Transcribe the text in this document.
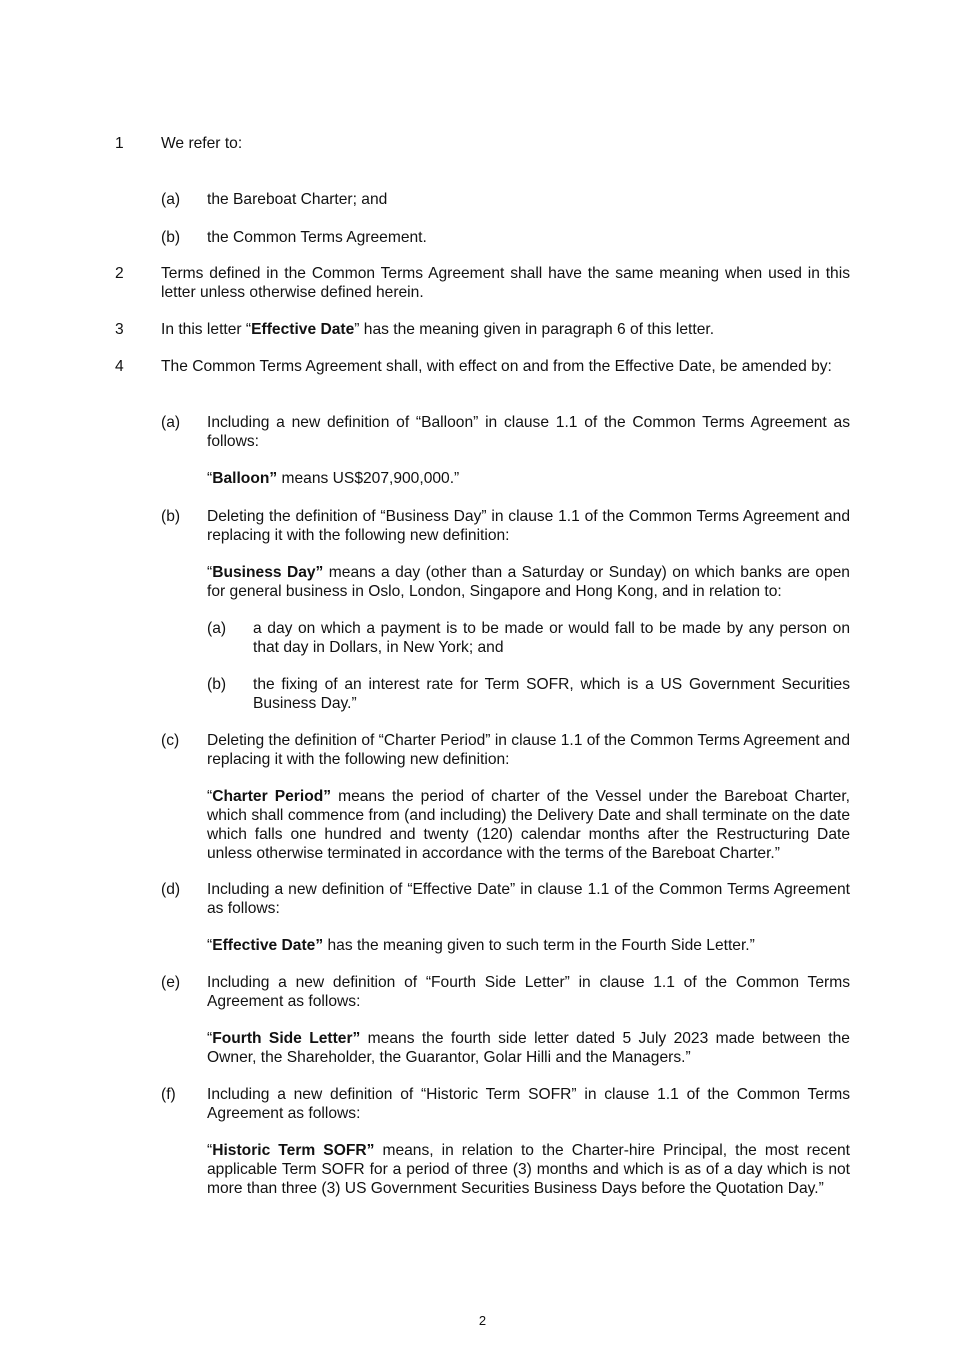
1 We refer to:
(a) the Bareboat Charter; and
(b) the Common Terms Agreement.
2 Terms defined in the Common Terms Agreement shall have the same meaning when used in this letter unless otherwise defined herein.
3 In this letter “Effective Date” has the meaning given in paragraph 6 of this letter.
4 The Common Terms Agreement shall, with effect on and from the Effective Date, be amended by:
(a) Including a new definition of “Balloon” in clause 1.1 of the Common Terms Agreement as follows:
“Balloon” means US$207,900,000.”
(b) Deleting the definition of “Business Day” in clause 1.1 of the Common Terms Agreement and replacing it with the following new definition:
“Business Day” means a day (other than a Saturday or Sunday) on which banks are open for general business in Oslo, London, Singapore and Hong Kong, and in relation to:
(a) a day on which a payment is to be made or would fall to be made by any person on that day in Dollars, in New York; and
(b) the fixing of an interest rate for Term SOFR, which is a US Government Securities Business Day.”
(c) Deleting the definition of “Charter Period” in clause 1.1 of the Common Terms Agreement and replacing it with the following new definition:
“Charter Period” means the period of charter of the Vessel under the Bareboat Charter, which shall commence from (and including) the Delivery Date and shall terminate on the date which falls one hundred and twenty (120) calendar months after the Restructuring Date unless otherwise terminated in accordance with the terms of the Bareboat Charter.”
(d) Including a new definition of “Effective Date” in clause 1.1 of the Common Terms Agreement as follows:
“Effective Date” has the meaning given to such term in the Fourth Side Letter.”
(e) Including a new definition of “Fourth Side Letter” in clause 1.1 of the Common Terms Agreement as follows:
“Fourth Side Letter” means the fourth side letter dated 5 July 2023 made between the Owner, the Shareholder, the Guarantor, Golar Hilli and the Managers.”
(f) Including a new definition of “Historic Term SOFR” in clause 1.1 of the Common Terms Agreement as follows:
“Historic Term SOFR” means, in relation to the Charter-hire Principal, the most recent applicable Term SOFR for a period of three (3) months and which is as of a day which is not more than three (3) US Government Securities Business Days before the Quotation Day.”
2
